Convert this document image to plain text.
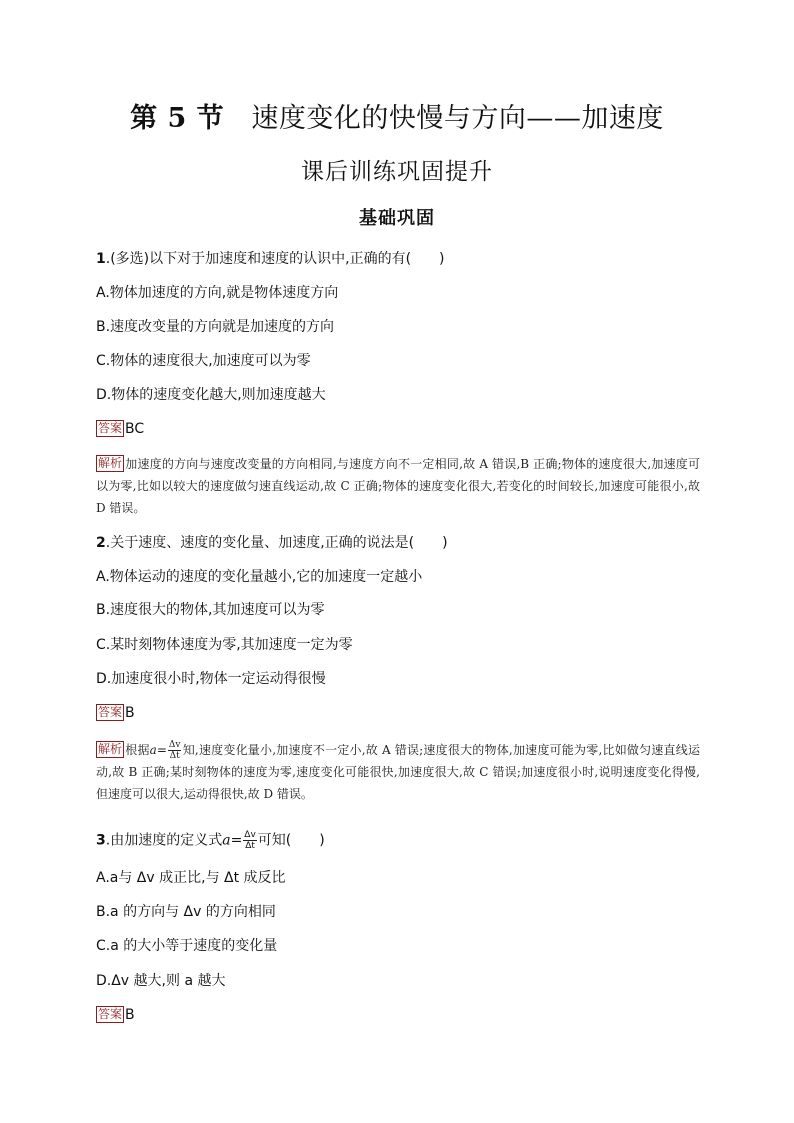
第 5 节 速度变化的快慢与方向——加速度
课后训练巩固提升
基础巩固
1.(多选)以下对于加速度和速度的认识中,正确的有(　　)
A.物体加速度的方向,就是物体速度方向
B.速度改变量的方向就是加速度的方向
C.物体的速度很大,加速度可以为零
D.物体的速度变化越大,则加速度越大
答案 BC
解析 加速度的方向与速度改变量的方向相同,与速度方向不一定相同,故 A 错误,B 正确;物体的速度很大,加速度可以为零,比如以较大的速度做匀速直线运动,故 C 正确;物体的速度变化很大,若变化的时间较长,加速度可能很小,故 D 错误。
2.关于速度、速度的变化量、加速度,正确的说法是(　　)
A.物体运动的速度的变化量越小,它的加速度一定越小
B.速度很大的物体,其加速度可以为零
C.某时刻物体速度为零,其加速度一定为零
D.加速度很小时,物体一定运动得很慢
答案 B
解析 根据$a= \frac{\Delta v}{\Delta t}$ 知,速度变化量小,加速度不一定小,故 A 错误;速度很大的物体,加速度可能为零,比如做匀速直线运动,故 B 正确;某时刻物体的速度为零,速度变化可能很快,加速度很大,故 C 错误;加速度很小时,说明速度变化得慢,但速度可以很大,运动得很快,故 D 错误。
3.由加速度的定义式$a= \frac{\Delta v}{\Delta t}$ 可知(　　)
A.a与 Δv 成正比,与 Δt 成反比
B.a 的方向与 Δv 的方向相同
C.a 的大小等于速度的变化量
D.Δv 越大,则 a 越大
答案 B
